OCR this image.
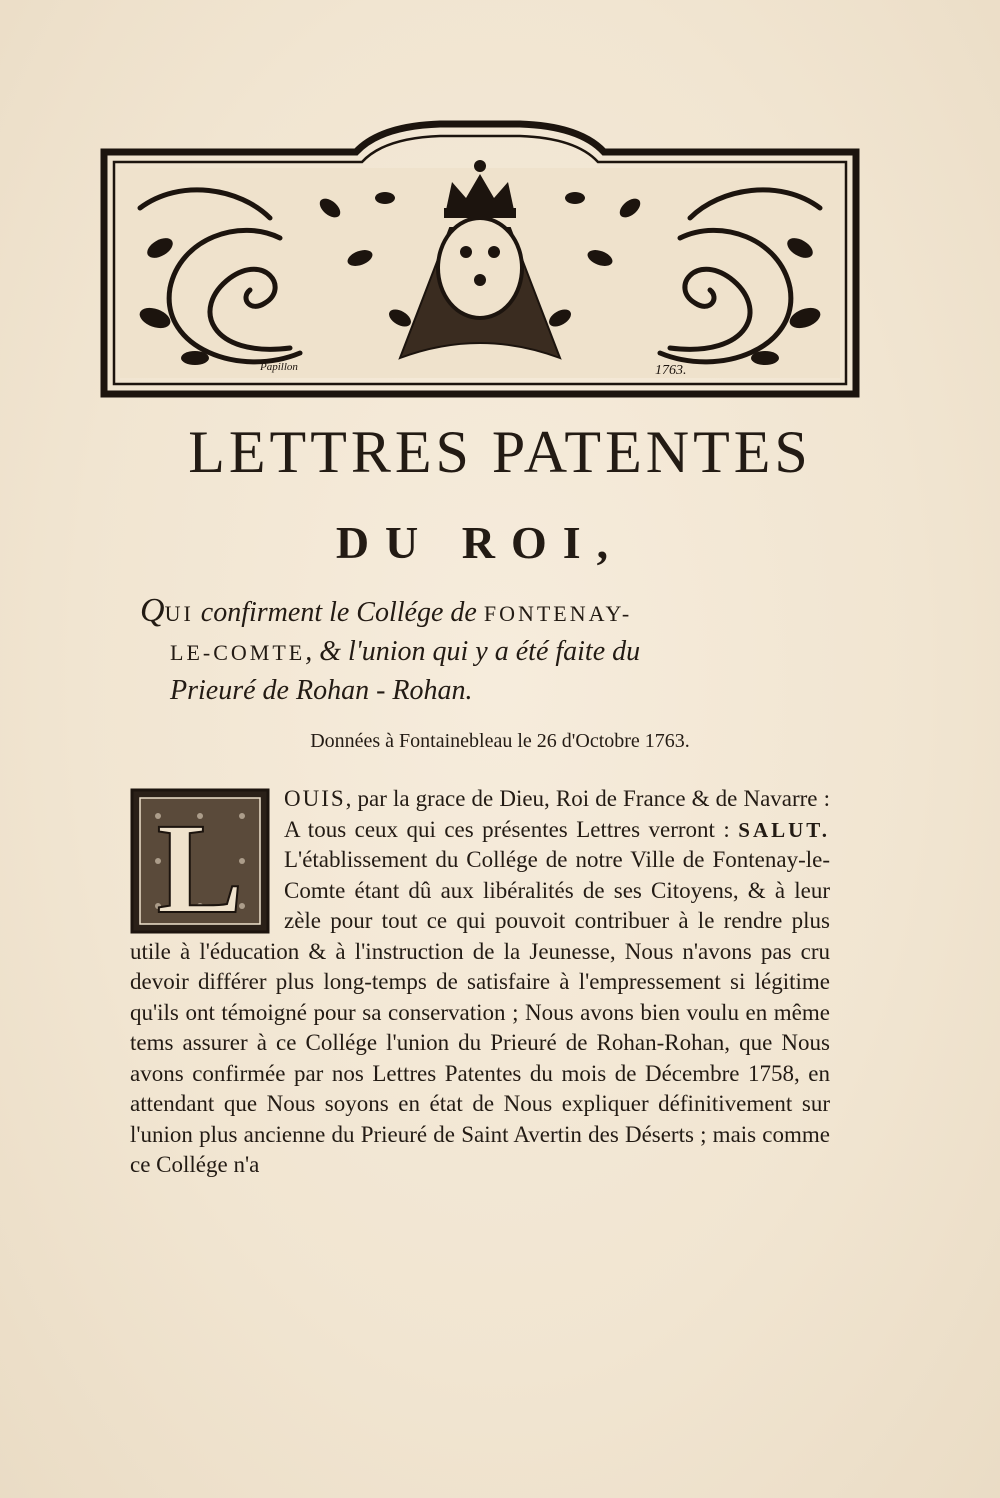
Papillon	1763.
LETTRES PATENTES
DU ROI,
QUI confirment le Collége de FONTENAY-
LE-COMTE, & l'union qui y a été faite du
Prieuré de Rohan - Rohan.
Données à Fontainebleau le 26 d'Octobre 1763.
L	OUIS, par la grace de Dieu, Roi de France & de Navarre : A tous ceux qui ces présentes Lettres verront : SALUT. L'établissement du Collége de notre Ville de Fontenay-le-Comte étant dû aux libéralités de ses Citoyens, & à leur zèle pour tout ce qui pouvoit contribuer à le rendre plus utile à l'éducation & à l'instruction de la Jeunesse, Nous n'avons pas cru devoir différer plus long-temps de satisfaire à l'empressement si légitime qu'ils ont témoigné pour sa conservation ; Nous avons bien voulu en même tems assurer à ce Collége l'union du Prieuré de Rohan-Rohan, que Nous avons confirmée par nos Lettres Patentes du mois de Décembre 1758, en attendant que Nous soyons en état de Nous expliquer définitivement sur l'union plus ancienne du Prieuré de Saint Avertin des Déserts ; mais comme ce Collége n'a
